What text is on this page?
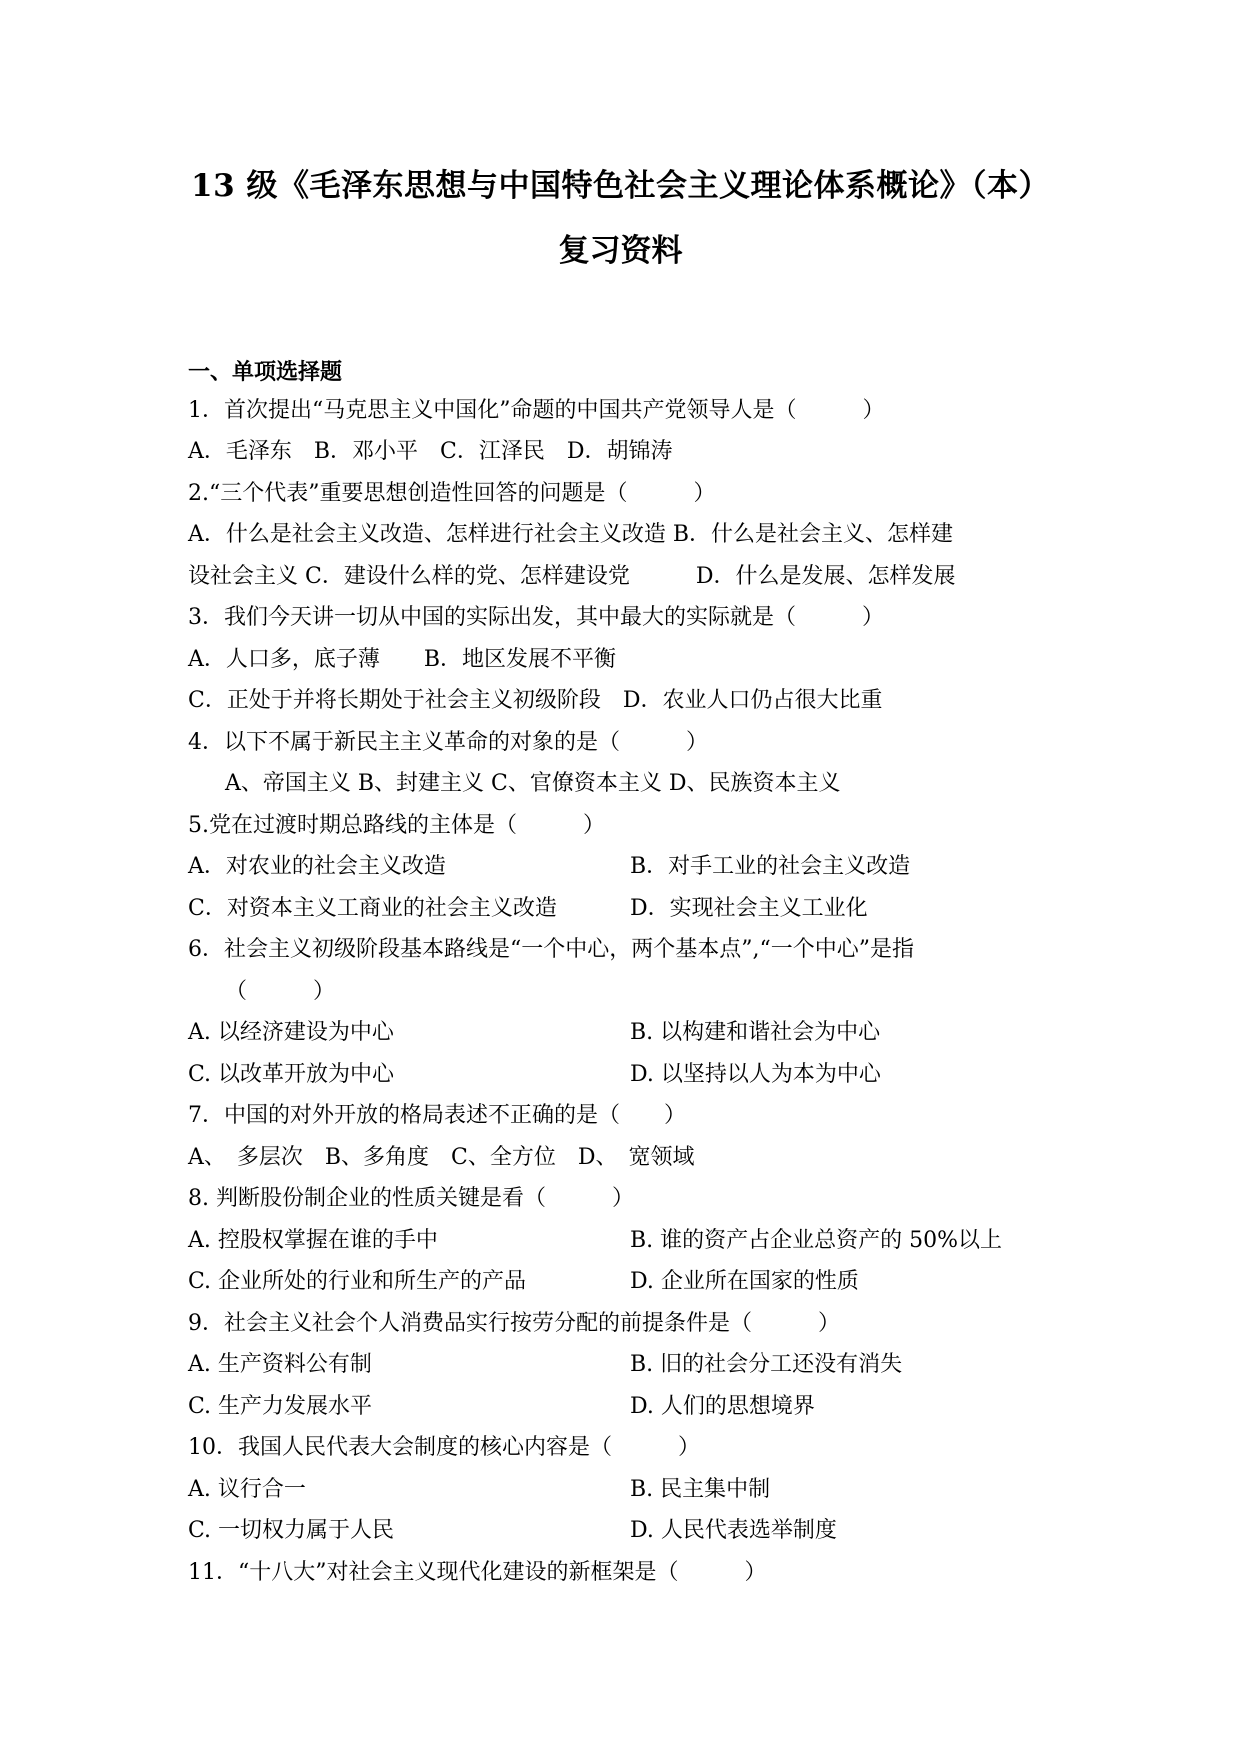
13 级《毛泽东思想与中国特色社会主义理论体系概论》（本）
复习资料
一、单项选择题

1．首次提出“马克思主义中国化”命题的中国共产党领导人是（　　　）

A．毛泽东　B．邓小平　C．江泽民　D．胡锦涛

2.“三个代表”重要思想创造性回答的问题是（　　　）

A．什么是社会主义改造、怎样进行社会主义改造 B．什么是社会主义、怎样建

设社会主义 C．建设什么样的党、怎样建设党　　　D．什么是发展、怎样发展

3．我们今天讲一切从中国的实际出发，其中最大的实际就是（　　　）

A．人口多，底子薄　　B．地区发展不平衡

C．正处于并将长期处于社会主义初级阶段　D．农业人口仍占很大比重

4．以下不属于新民主主义革命的对象的是（　　　）

A、帝国主义 B、封建主义 C、官僚资本主义 D、民族资本主义

5.党在过渡时期总路线的主体是（　　　）

A．对农业的社会主义改造	B．对手工业的社会主义改造

C．对资本主义工商业的社会主义改造	D．实现社会主义工业化

6．社会主义初级阶段基本路线是“一个中心，两个基本点”,“一个中心”是指

（　　　）

A. 以经济建设为中心	B. 以构建和谐社会为中心

C. 以改革开放为中心	D. 以坚持以人为本为中心

7．中国的对外开放的格局表述不正确的是（　　）

A、　多层次　B、多角度　C、全方位　D、　宽领域

8. 判断股份制企业的性质关键是看（　　　）

A. 控股权掌握在谁的手中	B. 谁的资产占企业总资产的 50%以上

C. 企业所处的行业和所生产的产品	D. 企业所在国家的性质

9．社会主义社会个人消费品实行按劳分配的前提条件是（　　　）

A. 生产资料公有制	B. 旧的社会分工还没有消失

C. 生产力发展水平	D. 人们的思想境界

10．我国人民代表大会制度的核心内容是（　　　）

A. 议行合一	B. 民主集中制

C. 一切权力属于人民	D. 人民代表选举制度

11．“十八大”对社会主义现代化建设的新框架是（　　　）
